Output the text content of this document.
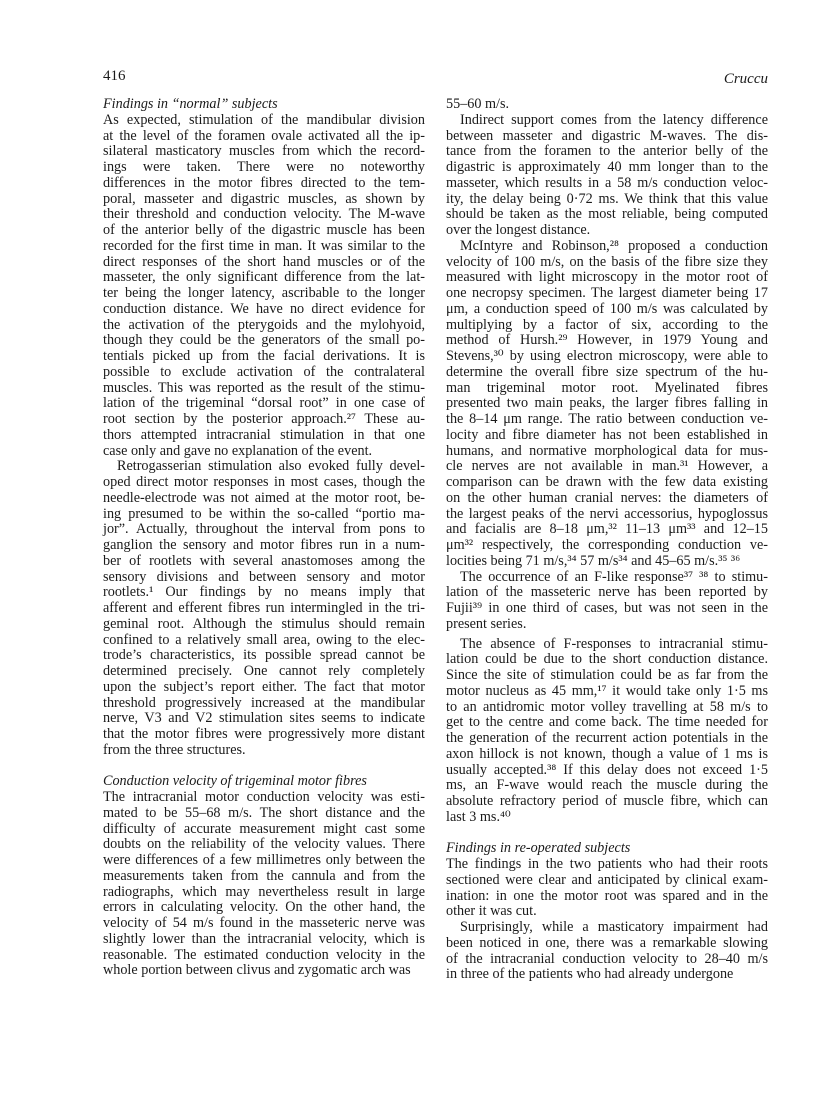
416	Cruccu
Findings in “normal” subjects
As expected, stimulation of the mandibular division
at the level of the foramen ovale activated all the ip-
silateral masticatory muscles from which the record-
ings were taken. There were no noteworthy
differences in the motor fibres directed to the tem-
poral, masseter and digastric muscles, as shown by
their threshold and conduction velocity. The M-wave
of the anterior belly of the digastric muscle has been
recorded for the first time in man. It was similar to the
direct responses of the short hand muscles or of the
masseter, the only significant difference from the lat-
ter being the longer latency, ascribable to the longer
conduction distance. We have no direct evidence for
the activation of the pterygoids and the mylohyoid,
though they could be the generators of the small po-
tentials picked up from the facial derivations. It is
possible to exclude activation of the contralateral
muscles. This was reported as the result of the stimu-
lation of the trigeminal “dorsal root” in one case of
root section by the posterior approach.²⁷ These au-
thors attempted intracranial stimulation in that one
case only and gave no explanation of the event.
Retrogasserian stimulation also evoked fully devel-
oped direct motor responses in most cases, though the
needle-electrode was not aimed at the motor root, be-
ing presumed to be within the so-called “portio ma-
jor”. Actually, throughout the interval from pons to
ganglion the sensory and motor fibres run in a num-
ber of rootlets with several anastomoses among the
sensory divisions and between sensory and motor
rootlets.¹ Our findings by no means imply that
afferent and efferent fibres run intermingled in the tri-
geminal root. Although the stimulus should remain
confined to a relatively small area, owing to the elec-
trode’s characteristics, its possible spread cannot be
determined precisely. One cannot rely completely
upon the subject’s report either. The fact that motor
threshold progressively increased at the mandibular
nerve, V3 and V2 stimulation sites seems to indicate
that the motor fibres were progressively more distant
from the three structures.
Conduction velocity of trigeminal motor fibres
The intracranial motor conduction velocity was esti-
mated to be 55–68 m/s. The short distance and the
difficulty of accurate measurement might cast some
doubts on the reliability of the velocity values. There
were differences of a few millimetres only between the
measurements taken from the cannula and from the
radiographs, which may nevertheless result in large
errors in calculating velocity. On the other hand, the
velocity of 54 m/s found in the masseteric nerve was
slightly lower than the intracranial velocity, which is
reasonable. The estimated conduction velocity in the
whole portion between clivus and zygomatic arch was
55–60 m/s.
Indirect support comes from the latency difference
between masseter and digastric M-waves. The dis-
tance from the foramen to the anterior belly of the
digastric is approximately 40 mm longer than to the
masseter, which results in a 58 m/s conduction veloc-
ity, the delay being 0·72 ms. We think that this value
should be taken as the most reliable, being computed
over the longest distance.
McIntyre and Robinson,²⁸ proposed a conduction
velocity of 100 m/s, on the basis of the fibre size they
measured with light microscopy in the motor root of
one necropsy specimen. The largest diameter being 17
μm, a conduction speed of 100 m/s was calculated by
multiplying by a factor of six, according to the
method of Hursh.²⁹ However, in 1979 Young and
Stevens,³⁰ by using electron microscopy, were able to
determine the overall fibre size spectrum of the hu-
man trigeminal motor root. Myelinated fibres
presented two main peaks, the larger fibres falling in
the 8–14 μm range. The ratio between conduction ve-
locity and fibre diameter has not been established in
humans, and normative morphological data for mus-
cle nerves are not available in man.³¹ However, a
comparison can be drawn with the few data existing
on the other human cranial nerves: the diameters of
the largest peaks of the nervi accessorius, hypoglossus
and facialis are 8–18 μm,³² 11–13 μm³³ and 12–15
μm³² respectively, the corresponding conduction ve-
locities being 71 m/s,³⁴ 57 m/s³⁴ and 45–65 m/s.³⁵ ³⁶
The occurrence of an F-like response³⁷ ³⁸ to stimu-
lation of the masseteric nerve has been reported by
Fujii³⁹ in one third of cases, but was not seen in the
present series.
The absence of F-responses to intracranial stimu-
lation could be due to the short conduction distance.
Since the site of stimulation could be as far from the
motor nucleus as 45 mm,¹⁷ it would take only 1·5 ms
to an antidromic motor volley travelling at 58 m/s to
get to the centre and come back. The time needed for
the generation of the recurrent action potentials in the
axon hillock is not known, though a value of 1 ms is
usually accepted.³⁸ If this delay does not exceed 1·5
ms, an F-wave would reach the muscle during the
absolute refractory period of muscle fibre, which can
last 3 ms.⁴⁰
Findings in re-operated subjects
The findings in the two patients who had their roots
sectioned were clear and anticipated by clinical exam-
ination: in one the motor root was spared and in the
other it was cut.
Surprisingly, while a masticatory impairment had
been noticed in one, there was a remarkable slowing
of the intracranial conduction velocity to 28–40 m/s
in three of the patients who had already undergone
